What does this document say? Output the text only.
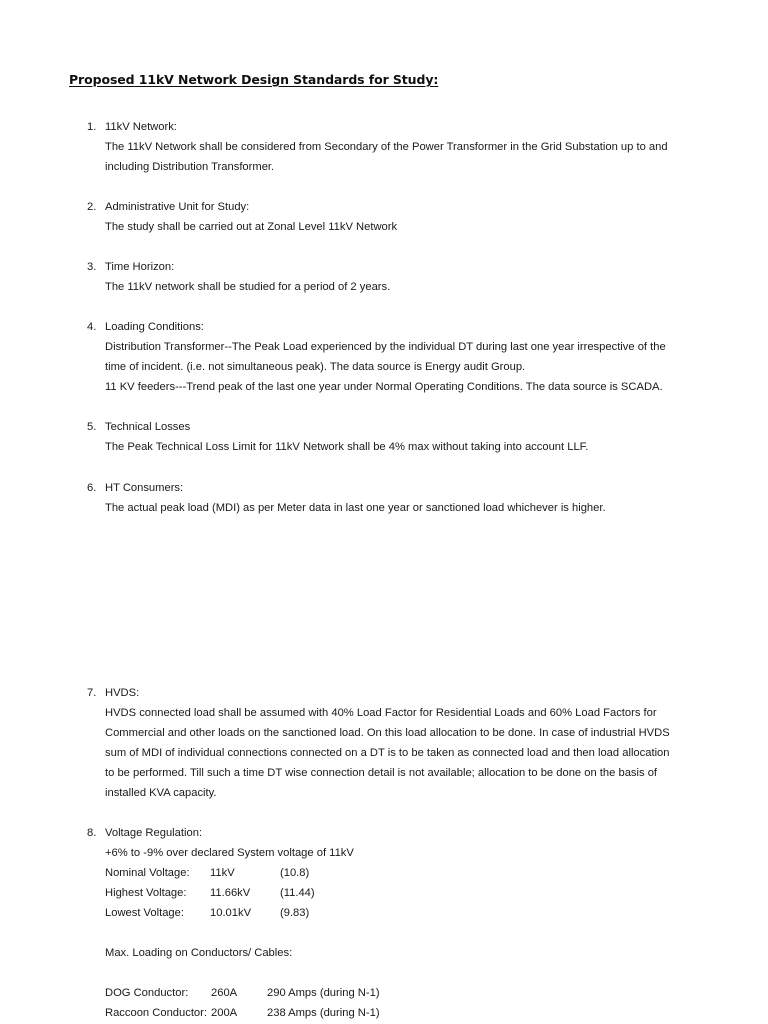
Proposed 11kV Network Design Standards for Study:
1. 11kV Network:
The 11kV Network shall be considered from Secondary of the Power Transformer in the Grid Substation up to and
including Distribution Transformer.
2. Administrative Unit for Study:
The study shall be carried out at Zonal Level 11kV Network
3. Time Horizon:
The 11kV network shall be studied for a period of 2 years.
4. Loading Conditions:
Distribution Transformer--The Peak Load experienced by the individual DT during last one year irrespective of the
time of incident. (i.e. not simultaneous peak). The data source is Energy audit Group.
11 KV feeders---Trend peak of the last one year under Normal Operating Conditions. The data source is SCADA.
5. Technical Losses
The Peak Technical Loss Limit for 11kV Network shall be 4% max without taking into account LLF.
6. HT Consumers:
The actual peak load (MDI) as per Meter data in last one year or sanctioned load whichever is higher.
7. HVDS:
HVDS connected load shall be assumed with 40% Load Factor for Residential Loads and 60% Load Factors for
Commercial and other loads on the sanctioned load. On this load allocation to be done. In case of industrial HVDS
sum of MDI of individual connections connected on a DT is to be taken as connected load and then load allocation
to be performed. Till such a time DT wise connection detail is not available; allocation to be done on the basis of
installed KVA capacity.
8. Voltage Regulation:
+6% to -9% over declared System voltage of 11kV
Nominal Voltage: 11kV	(10.8)
Highest Voltage: 11.66kV	(11.44)
Lowest Voltage: 10.01kV	(9.83)
Max. Loading on Conductors/ Cables:
DOG Conductor: 260A	290 Amps (during N-1)
Raccoon Conductor: 200A	238 Amps (during N-1)
